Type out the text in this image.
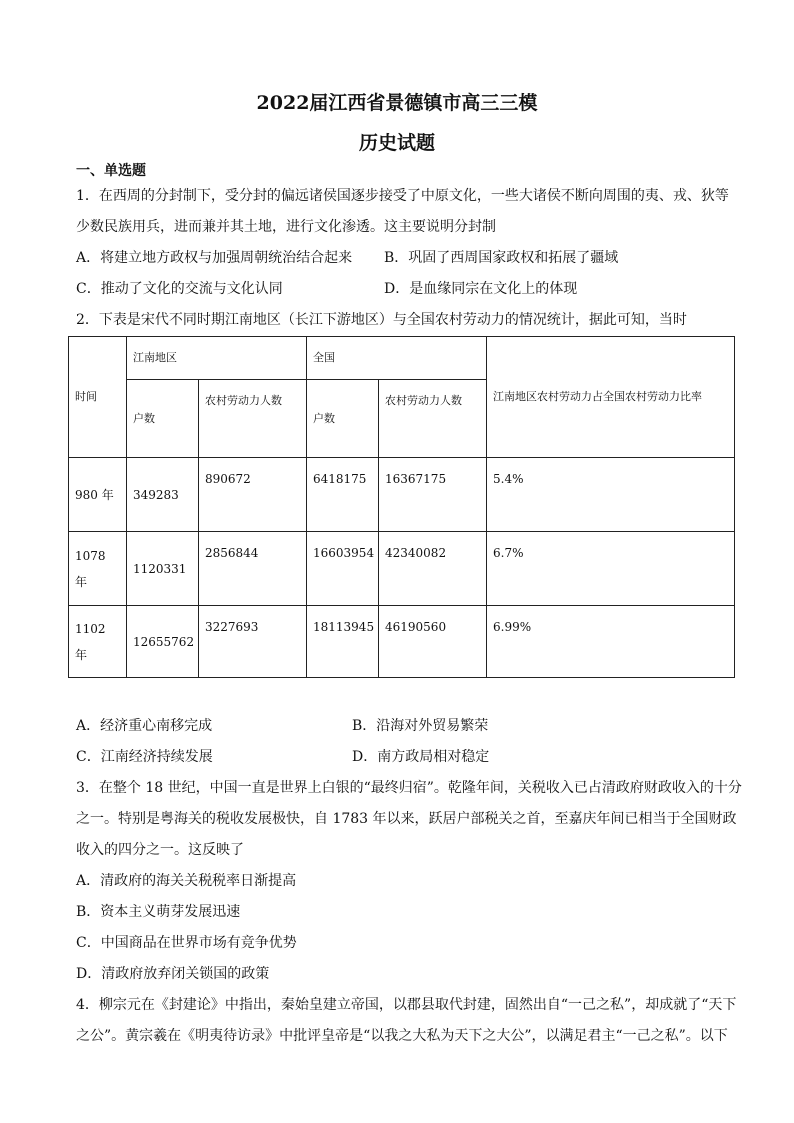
2022届江西省景德镇市高三三模
历史试题
一、单选题
1．在西周的分封制下，受分封的偏远诸侯国逐步接受了中原文化，一些大诸侯不断向周围的夷、戎、狄等
少数民族用兵，进而兼并其土地，进行文化渗透。这主要说明分封制
A．将建立地方政权与加强周朝统治结合起来 B．巩固了西周国家政权和拓展了疆域
C．推动了文化的交流与文化认同	D．是血缘同宗在文化上的体现
2．下表是宋代不同时期江南地区（长江下游地区）与全国农村劳动力的情况统计，据此可知，当时
时间	江南地区		全国		江南地区农村劳动力占全国农村劳动力比率
	户数	农村劳动力人数	户数	农村劳动力人数	
980 年	349283	890672	6418175	16367175	5.4%
1078 年	1120331	2856844	16603954	42340082	6.7%
1102 年	12655762	3227693	18113945	46190560	6.99%
A．经济重心南移完成	B．沿海对外贸易繁荣
C．江南经济持续发展	D．南方政局相对稳定
3．在整个 18 世纪，中国一直是世界上白银的“最终归宿”。乾隆年间，关税收入已占清政府财政收入的十分
之一。特别是粤海关的税收发展极快，自 1783 年以来，跃居户部税关之首，至嘉庆年间已相当于全国财政
收入的四分之一。这反映了
A．清政府的海关关税税率日渐提高
B．资本主义萌芽发展迅速
C．中国商品在世界市场有竞争优势
D．清政府放弃闭关锁国的政策
4．柳宗元在《封建论》中指出，秦始皇建立帝国，以郡县取代封建，固然出自“一己之私”，却成就了“天下
之公”。黄宗羲在《明夷待访录》中批评皇帝是“以我之大私为天下之大公”，以满足君主“一己之私”。以下
